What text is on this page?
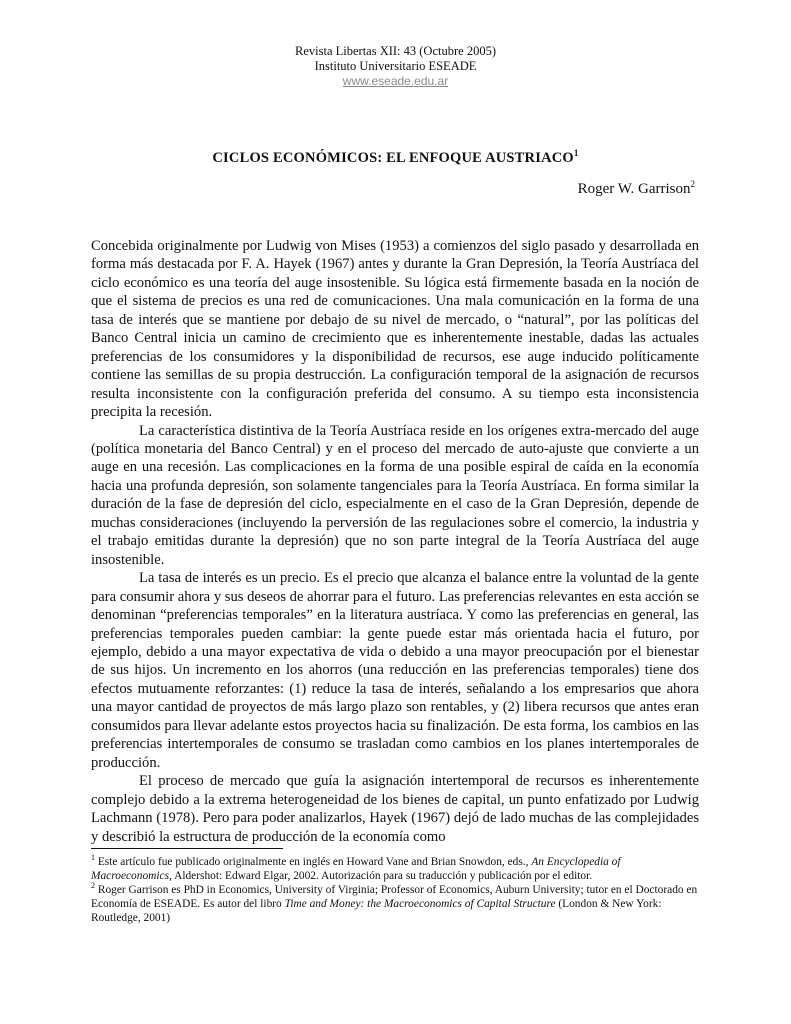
Revista Libertas XII: 43 (Octubre 2005)
Instituto Universitario ESEADE
www.eseade.edu.ar
CICLOS ECONÓMICOS: EL ENFOQUE AUSTRIACO$^1$
Roger W. Garrison$^2$

Concebida originalmente por Ludwig von Mises (1953) a comienzos del siglo pasado y desarrollada en forma más destacada por F. A. Hayek (1967) antes y durante la Gran Depresión, la Teoría Austríaca del ciclo económico es una teoría del auge insostenible. Su lógica está firmemente basada en la noción de que el sistema de precios es una red de comunicaciones. Una mala comunicación en la forma de una tasa de interés que se mantiene por debajo de su nivel de mercado, o “natural”, por las políticas del Banco Central inicia un camino de crecimiento que es inherentemente inestable, dadas las actuales preferencias de los consumidores y la disponibilidad de recursos, ese auge inducido políticamente contiene las semillas de su propia destrucción. La configuración temporal de la asignación de recursos resulta inconsistente con la configuración preferida del consumo. A su tiempo esta inconsistencia precipita la recesión.

La característica distintiva de la Teoría Austríaca reside en los orígenes extra-mercado del auge (política monetaria del Banco Central) y en el proceso del mercado de auto-ajuste que convierte a un auge en una recesión. Las complicaciones en la forma de una posible espiral de caída en la economía hacia una profunda depresión, son solamente tangenciales para la Teoría Austríaca. En forma similar la duración de la fase de depresión del ciclo, especialmente en el caso de la Gran Depresión, depende de muchas consideraciones (incluyendo la perversión de las regulaciones sobre el comercio, la industria y el trabajo emitidas durante la depresión) que no son parte integral de la Teoría Austríaca del auge insostenible.

La tasa de interés es un precio. Es el precio que alcanza el balance entre la voluntad de la gente para consumir ahora y sus deseos de ahorrar para el futuro. Las preferencias relevantes en esta acción se denominan “preferencias temporales” en la literatura austríaca. Y como las preferencias en general, las preferencias temporales pueden cambiar: la gente puede estar más orientada hacia el futuro, por ejemplo, debido a una mayor expectativa de vida o debido a una mayor preocupación por el bienestar de sus hijos. Un incremento en los ahorros (una reducción en las preferencias temporales) tiene dos efectos mutuamente reforzantes: (1) reduce la tasa de interés, señalando a los empresarios que ahora una mayor cantidad de proyectos de más largo plazo son rentables, y (2) libera recursos que antes eran consumidos para llevar adelante estos proyectos hacia su finalización. De esta forma, los cambios en las preferencias intertemporales de consumo se trasladan como cambios en los planes intertemporales de producción.

El proceso de mercado que guía la asignación intertemporal de recursos es inherentemente complejo debido a la extrema heterogeneidad de los bienes de capital, un punto enfatizado por Ludwig Lachmann (1978). Pero para poder analizarlos, Hayek (1967) dejó de lado muchas de las complejidades y describió la estructura de producción de la economía como

$^1$ Este artículo fue publicado originalmente en inglés en Howard Vane and Brian Snowdon, eds., An Encyclopedia of Macroeconomics, Aldershot: Edward Elgar, 2002. Autorización para su traducción y publicación por el editor.

$^2$ Roger Garrison es PhD in Economics, University of Virginia; Professor of Economics, Auburn University; tutor en el Doctorado en Economía de ESEADE. Es autor del libro Time and Money: the Macroeconomics of Capital Structure (London & New York: Routledge, 2001)
